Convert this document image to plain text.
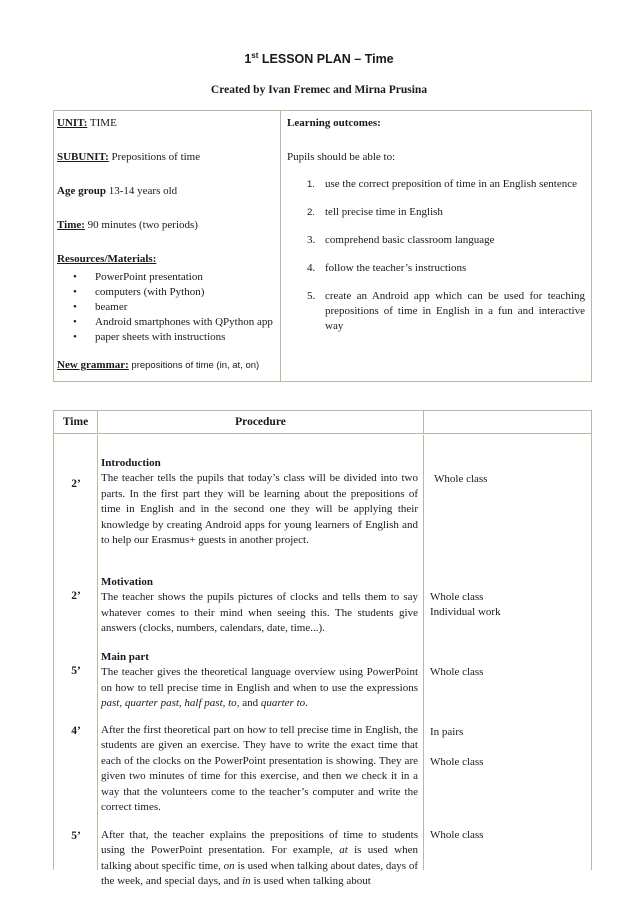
1st LESSON PLAN – Time
Created by Ivan Fremec and Mirna Prusina
UNIT: TIME
SUBUNIT: Prepositions of time
Age group 13-14 years old
Time: 90 minutes (two periods)
Resources/Materials:
• PowerPoint presentation
• computers (with Python)
• beamer
• Android smartphones with QPython app
• paper sheets with instructions
New grammar: prepositions of time (in, at, on)
Learning outcomes:
Pupils should be able to:
1. use the correct preposition of time in an English sentence
2. tell precise time in English
3. comprehend basic classroom language
4. follow the teacher’s instructions
5. create an Android app which can be used for teaching prepositions of time in English in a fun and interactive way
Time	Procedure
2’
2’
5’
4’
5’
Introduction
The teacher tells the pupils that today’s class will be divided into two parts. In the first part they will be learning about the prepositions of time in English and in the second one they will be applying their knowledge by creating Android apps for young learners of English and to help our Erasmus+ guests in another project.
Motivation
The teacher shows the pupils pictures of clocks and tells them to say whatever comes to their mind when seeing this. The students give answers (clocks, numbers, calendars, date, time...).
Main part
The teacher gives the theoretical language overview using PowerPoint on how to tell precise time in English and when to use the expressions past, quarter past, half past, to, and quarter to.
After the first theoretical part on how to tell precise time in English, the students are given an exercise. They have to write the exact time that each of the clocks on the PowerPoint presentation is showing. They are given two minutes of time for this exercise, and then we check it in a way that the volunteers come to the teacher’s computer and write the correct times.
After that, the teacher explains the prepositions of time to students using the PowerPoint presentation. For example, at is used when talking about specific time, on is used when talking about dates, days of the week, and special days, and in is used when talking about
Whole class
Whole class
Individual work
Whole class
In pairs
Whole class
Whole class
